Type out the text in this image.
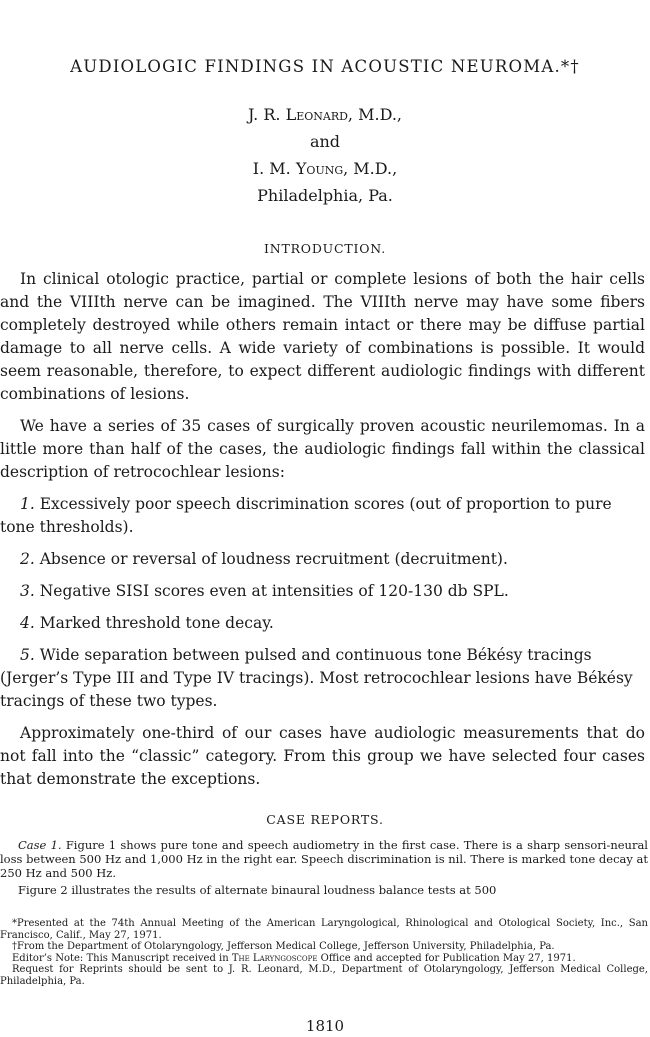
AUDIOLOGIC FINDINGS IN ACOUSTIC NEUROMA.*†
J. R. Leonard, M.D.,
and
I. M. Young, M.D.,
Philadelphia, Pa.
INTRODUCTION.

In clinical otologic practice, partial or complete lesions of both the hair cells and the VIIIth nerve can be imagined. The VIIIth nerve may have some fibers completely destroyed while others remain intact or there may be diffuse partial damage to all nerve cells. A wide variety of combinations is possible. It would seem reasonable, therefore, to expect different audiologic findings with different combinations of lesions.

We have a series of 35 cases of surgically proven acoustic neurilemomas. In a little more than half of the cases, the audiologic findings fall within the classical description of retrocochlear lesions:

1. Excessively poor speech discrimination scores (out of proportion to pure tone thresholds).

2. Absence or reversal of loudness recruitment (decruitment).

3. Negative SISI scores even at intensities of 120-130 db SPL.

4. Marked threshold tone decay.

5. Wide separation between pulsed and continuous tone Békésy tracings (Jerger’s Type III and Type IV tracings). Most retrocochlear lesions have Békésy tracings of these two types.

Approximately one-third of our cases have audiologic measurements that do not fall into the “classic” category. From this group we have selected four cases that demonstrate the exceptions.

CASE REPORTS.

Case 1. Figure 1 shows pure tone and speech audiometry in the first case. There is a sharp sensori-neural loss between 500 Hz and 1,000 Hz in the right ear. Speech discrimination is nil. There is marked tone decay at 250 Hz and 500 Hz.

Figure 2 illustrates the results of alternate binaural loudness balance tests at 500

*Presented at the 74th Annual Meeting of the American Laryngological, Rhinological and Otological Society, Inc., San Francisco, Calif., May 27, 1971.

†From the Department of Otolaryngology, Jefferson Medical College, Jefferson University, Philadelphia, Pa.

Editor’s Note: This Manuscript received in The Laryngoscope Office and accepted for Publication May 27, 1971.

Request for Reprints should be sent to J. R. Leonard, M.D., Department of Otolaryngology, Jefferson Medical College, Philadelphia, Pa.

1810
